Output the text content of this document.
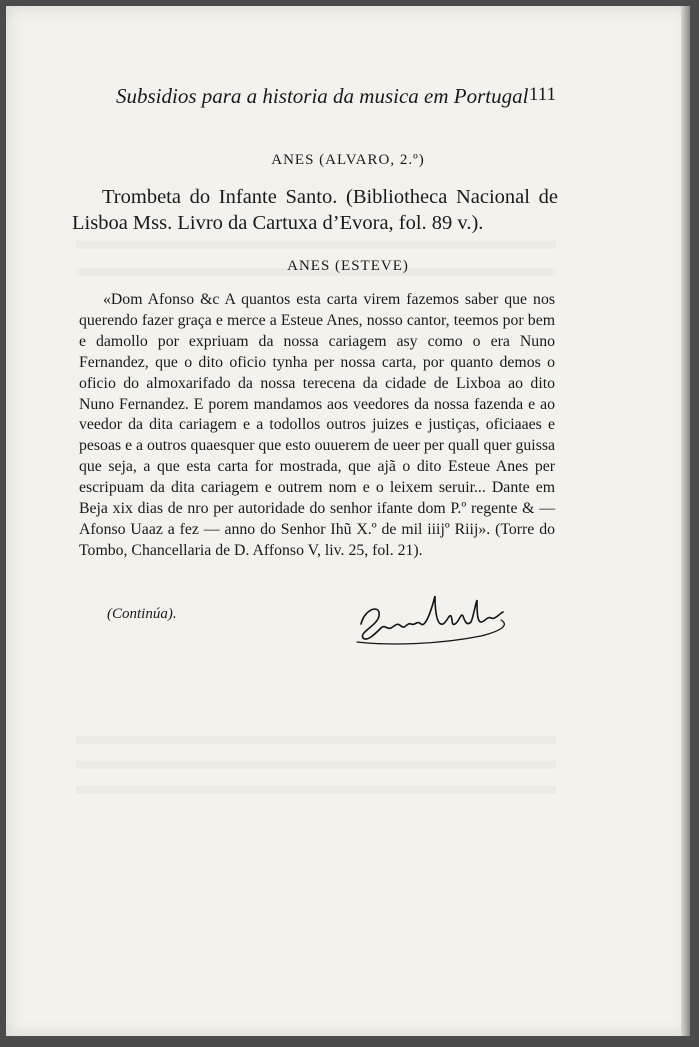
Subsidios para a historia da musica em Portugal 111
ANES (ALVARO, 2.º)

Trombeta do Infante Santo. (Bibliotheca Nacional de Lisboa Mss. Livro da Cartuxa d’Evora, fol. 89 v.).

ANES (ESTEVE)

«Dom Afonso &c A quantos esta carta virem fazemos saber que nos querendo fazer graça e merce a Esteue Anes, nosso cantor, teemos por bem e damollo por expriuam da nossa cariagem asy como o era Nuno Fernandez, que o dito oficio tynha per nossa carta, por quanto demos o oficio do almoxarifado da nossa terecena da cidade de Lixboa ao dito Nuno Fernandez. E porem mandamos aos veedores da nossa fazenda e ao veedor da dita cariagem e a todollos outros juizes e justiças, oficiaaes e pesoas e a outros quaesquer que esto ouuerem de ueer per quall quer guissa que seja, a que esta carta for mostrada, que ajã o dito Esteue Anes per escripuam da dita cariagem e outrem nom e o leixem seruir... Dante em Beja xix dias de nro per autoridade do senhor ifante dom P.º regente & — Afonso Uaaz a fez — anno do Senhor Ihũ X.º de mil iiijº Riij». (Torre do Tombo, Chancellaria de D. Affonso V, liv. 25, fol. 21).

(Continúa).
